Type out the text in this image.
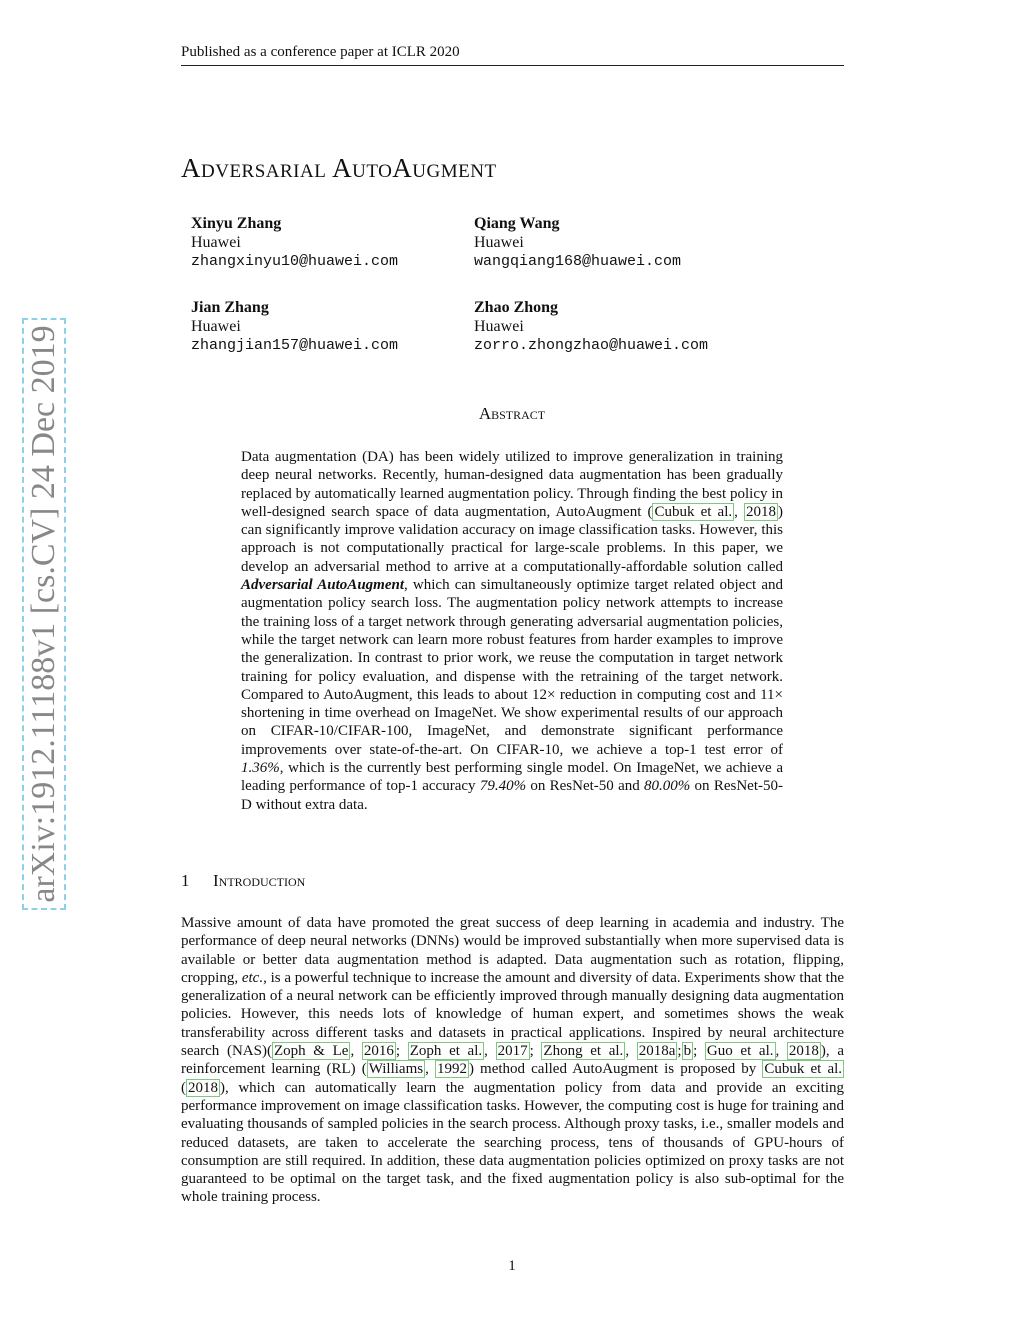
Published as a conference paper at ICLR 2020
Adversarial AutoAugment
Xinyu Zhang
Huawei
zhangxinyu10@huawei.com
Qiang Wang
Huawei
wangqiang168@huawei.com
Jian Zhang
Huawei
zhangjian157@huawei.com
Zhao Zhong
Huawei
zorro.zhongzhao@huawei.com
Abstract
Data augmentation (DA) has been widely utilized to improve generalization in training deep neural networks. Recently, human-designed data augmentation has been gradually replaced by automatically learned augmentation policy. Through finding the best policy in well-designed search space of data augmentation, AutoAugment ( Cubuk et al. , 2018 ) can significantly improve validation accuracy on image classification tasks. However, this approach is not computationally practical for large-scale problems. In this paper, we develop an adversarial method to arrive at a computationally-affordable solution called Adversarial AutoAugment, which can simultaneously optimize target related object and augmentation policy search loss. The augmentation policy network attempts to increase the training loss of a target network through generating adversarial augmentation policies, while the target network can learn more robust features from harder examples to improve the generalization. In contrast to prior work, we reuse the computation in target network training for policy evaluation, and dispense with the retraining of the target network. Compared to AutoAugment, this leads to about 12× reduction in computing cost and 11× shortening in time overhead on ImageNet. We show experimental results of our approach on CIFAR-10/CIFAR-100, ImageNet, and demonstrate significant performance improvements over state-of-the-art. On CIFAR-10, we achieve a top-1 test error of 1.36%, which is the currently best performing single model. On ImageNet, we achieve a leading performance of top-1 accuracy 79.40% on ResNet-50 and 80.00% on ResNet-50-D without extra data.
1 Introduction
Massive amount of data have promoted the great success of deep learning in academia and industry. The performance of deep neural networks (DNNs) would be improved substantially when more supervised data is available or better data augmentation method is adapted. Data augmentation such as rotation, flipping, cropping, etc., is a powerful technique to increase the amount and diversity of data. Experiments show that the generalization of a neural network can be efficiently improved through manually designing data augmentation policies. However, this needs lots of knowledge of human expert, and sometimes shows the weak transferability across different tasks and datasets in practical applications. Inspired by neural architecture search (NAS)( Zoph & Le , 2016 ; Zoph et al. , 2017 ; Zhong et al. , 2018a ; b ; Guo et al. , 2018 ), a reinforcement learning (RL) ( Williams , 1992 ) method called AutoAugment is proposed by Cubuk et al. ( 2018 ), which can automatically learn the augmentation policy from data and provide an exciting performance improvement on image classification tasks. However, the computing cost is huge for training and evaluating thousands of sampled policies in the search process. Although proxy tasks, i.e., smaller models and reduced datasets, are taken to accelerate the searching process, tens of thousands of GPU-hours of consumption are still required. In addition, these data augmentation policies optimized on proxy tasks are not guaranteed to be optimal on the target task, and the fixed augmentation policy is also sub-optimal for the whole training process.
1
arXiv:1912.11188v1 [cs.CV] 24 Dec 2019
